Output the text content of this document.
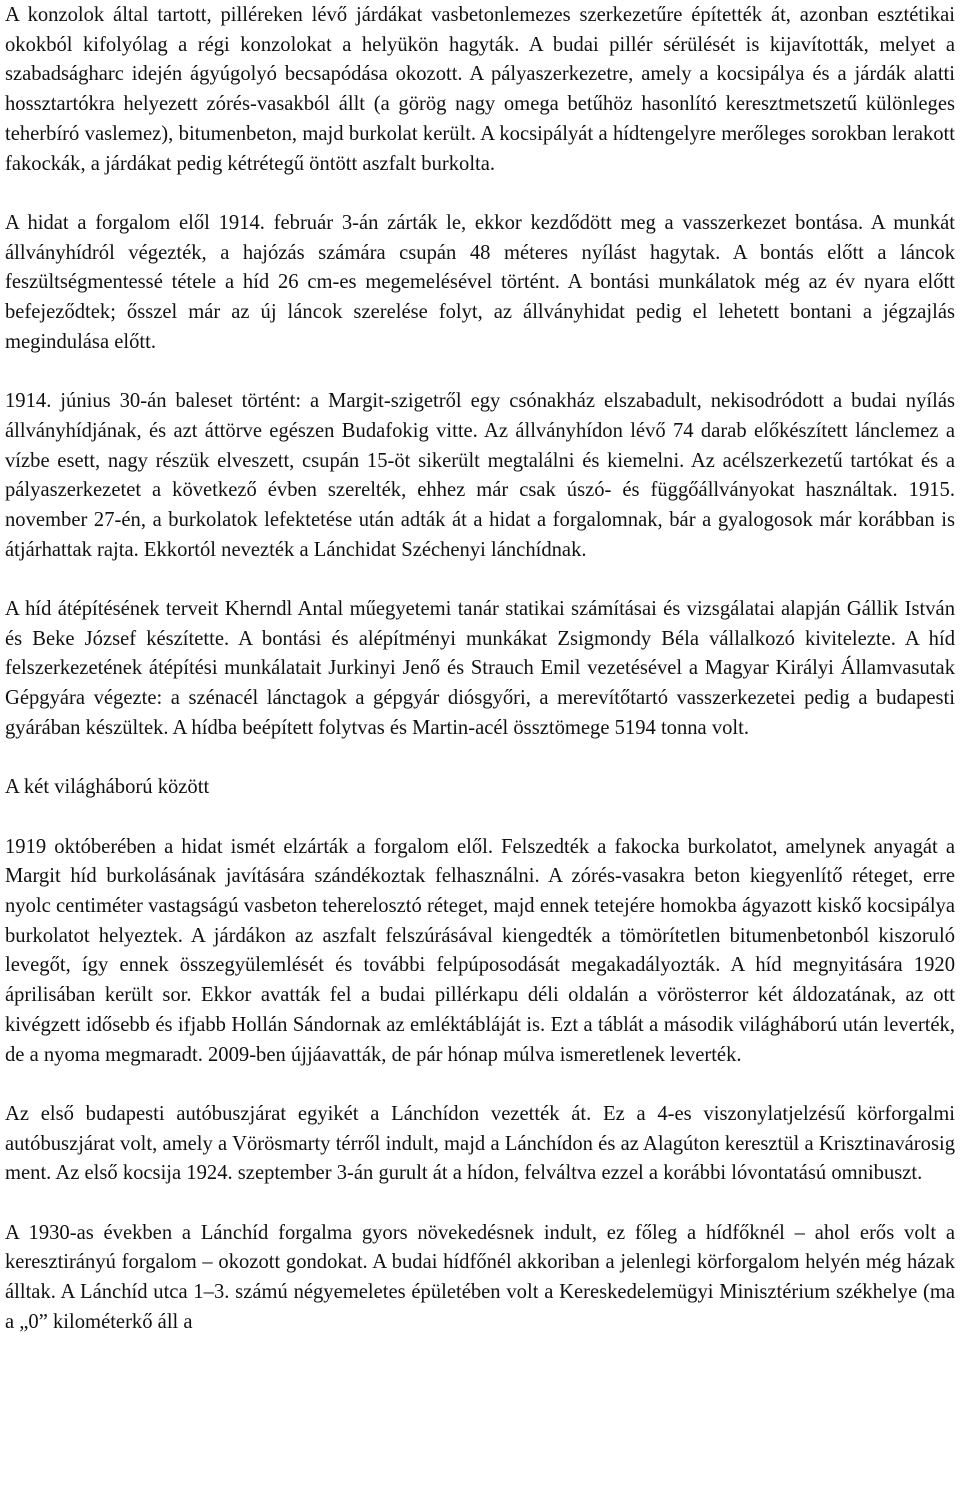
A konzolok által tartott, pilléreken lévő járdákat vasbetonlemezes szerkezetűre építették át, azonban esztétikai okokból kifolyólag a régi konzolokat a helyükön hagyták. A budai pillér sérülését is kijavították, melyet a szabadságharc idején ágyúgolyó becsapódása okozott. A pályaszerkezetre, amely a kocsipálya és a járdák alatti hossztartókra helyezett zórés-vasakból állt (a görög nagy omega betűhöz hasonlító keresztmetszetű különleges teherbíró vaslemez), bitumenbeton, majd burkolat került. A kocsipályát a hídtengelyre merőleges sorokban lerakott fakockák, a járdákat pedig kétrétegű öntött aszfalt burkolta.

A hidat a forgalom elől 1914. február 3-án zárták le, ekkor kezdődött meg a vasszerkezet bontása. A munkát állványhídról végezték, a hajózás számára csupán 48 méteres nyílást hagytak. A bontás előtt a láncok feszültségmentessé tétele a híd 26 cm-es megemelésével történt. A bontási munkálatok még az év nyara előtt befejeződtek; ősszel már az új láncok szerelése folyt, az állványhidat pedig el lehetett bontani a jégzajlás megindulása előtt.

1914. június 30-án baleset történt: a Margit-szigetről egy csónakház elszabadult, nekisodródott a budai nyílás állványhídjának, és azt áttörve egészen Budafokig vitte. Az állványhídon lévő 74 darab előkészített láncl​emez a vízbe esett, nagy részük elveszett, csupán 15-öt sikerült megtalálni és kiemelni. Az acélszerkezetű tartókat és a pályaszerkezetet a következő évben szerelték, ehhez már csak úszó- és függőállványokat használtak. 1915. november 27-én, a burkolatok lefektetése után adták át a hidat a forgalomnak, bár a gyalogosok már korábban is átjárhattak rajta. Ekkortól nevezték a Lánchidat Széchenyi lánchídnak.

A híd átépítésének terveit Kherndl Antal műegyetemi tanár statikai számításai és vizsgálatai alapján Gállik István és Beke József készítette. A bontási és alépítményi munkákat Zsigmondy Béla vállalkozó kivitelezte. A híd felszerkezetének átépítési munkálatait Jurkinyi Jenő és Strauch Emil vezetésével a Magyar Királyi Államvasutak Gépgyára végezte: a szénacél lánctagok a gépgyár diósgyőri, a merevítőtartó vasszerkezetei pedig a budapesti gyárában készültek. A hídba beépített folytvas és Martin-acél össztömege 5194 tonna volt.

A két világháború között

1919 októberében a hidat ismét elzárták a forgalom elől. Felszedték a fakocka burkolatot, amelynek anyagát a Margit híd burkolásának javítására szándékoztak felhasználni. A zórés-vasakra beton kiegyenlítő réteget, erre nyolc centiméter vastagságú vasbeton teherelosztó réteget, majd ennek tetejére homokba ágyazott kiskő kocsipálya burkolatot helyeztek. A járdákon az aszfalt felszúrásával kiengedték a tömörítetlen bitumenbetonból kiszoruló levegőt, így ennek összegyülemlését és további felpúposodását megakadályozták. A híd megnyitására 1920 áprilisában került sor. Ekkor avatták fel a budai pillérkapu déli oldalán a vörösterror két áldozatának, az ott kivégzett idősebb és ifjabb Hollán Sándornak az emléktábláját is. Ezt a táblát a második világháború után leverték, de a nyoma megmaradt. 2009-ben újjáavatták, de pár hónap múlva ismeretlenek leverték.

Az első budapesti autóbuszjárat egyikét a Lánchídon vezették át. Ez a 4-es viszonylatjelzésű körforgalmi autóbuszjárat volt, amely a Vörösmarty térről indult, majd a Lánchídon és az Alagúton keresztül a Krisztinavárosig ment. Az első kocsija 1924. szeptember 3-án gurult át a hídon, felváltva ezzel a korábbi lóvontatású omnibuszt.

A 1930-as években a Lánchíd forgalma gyors növekedésnek indult, ez főleg a hídfőknél – ahol erős volt a keresztirányú forgalom – okozott gondokat. A budai hídfőnél akkoriban a jelenlegi körforgalom helyén még házak álltak. A Lánchíd utca 1–3. számú négyemeletes épületében volt a Kereskedelemügyi Minisztérium székhelye (ma a „0” kilométerkő áll a
